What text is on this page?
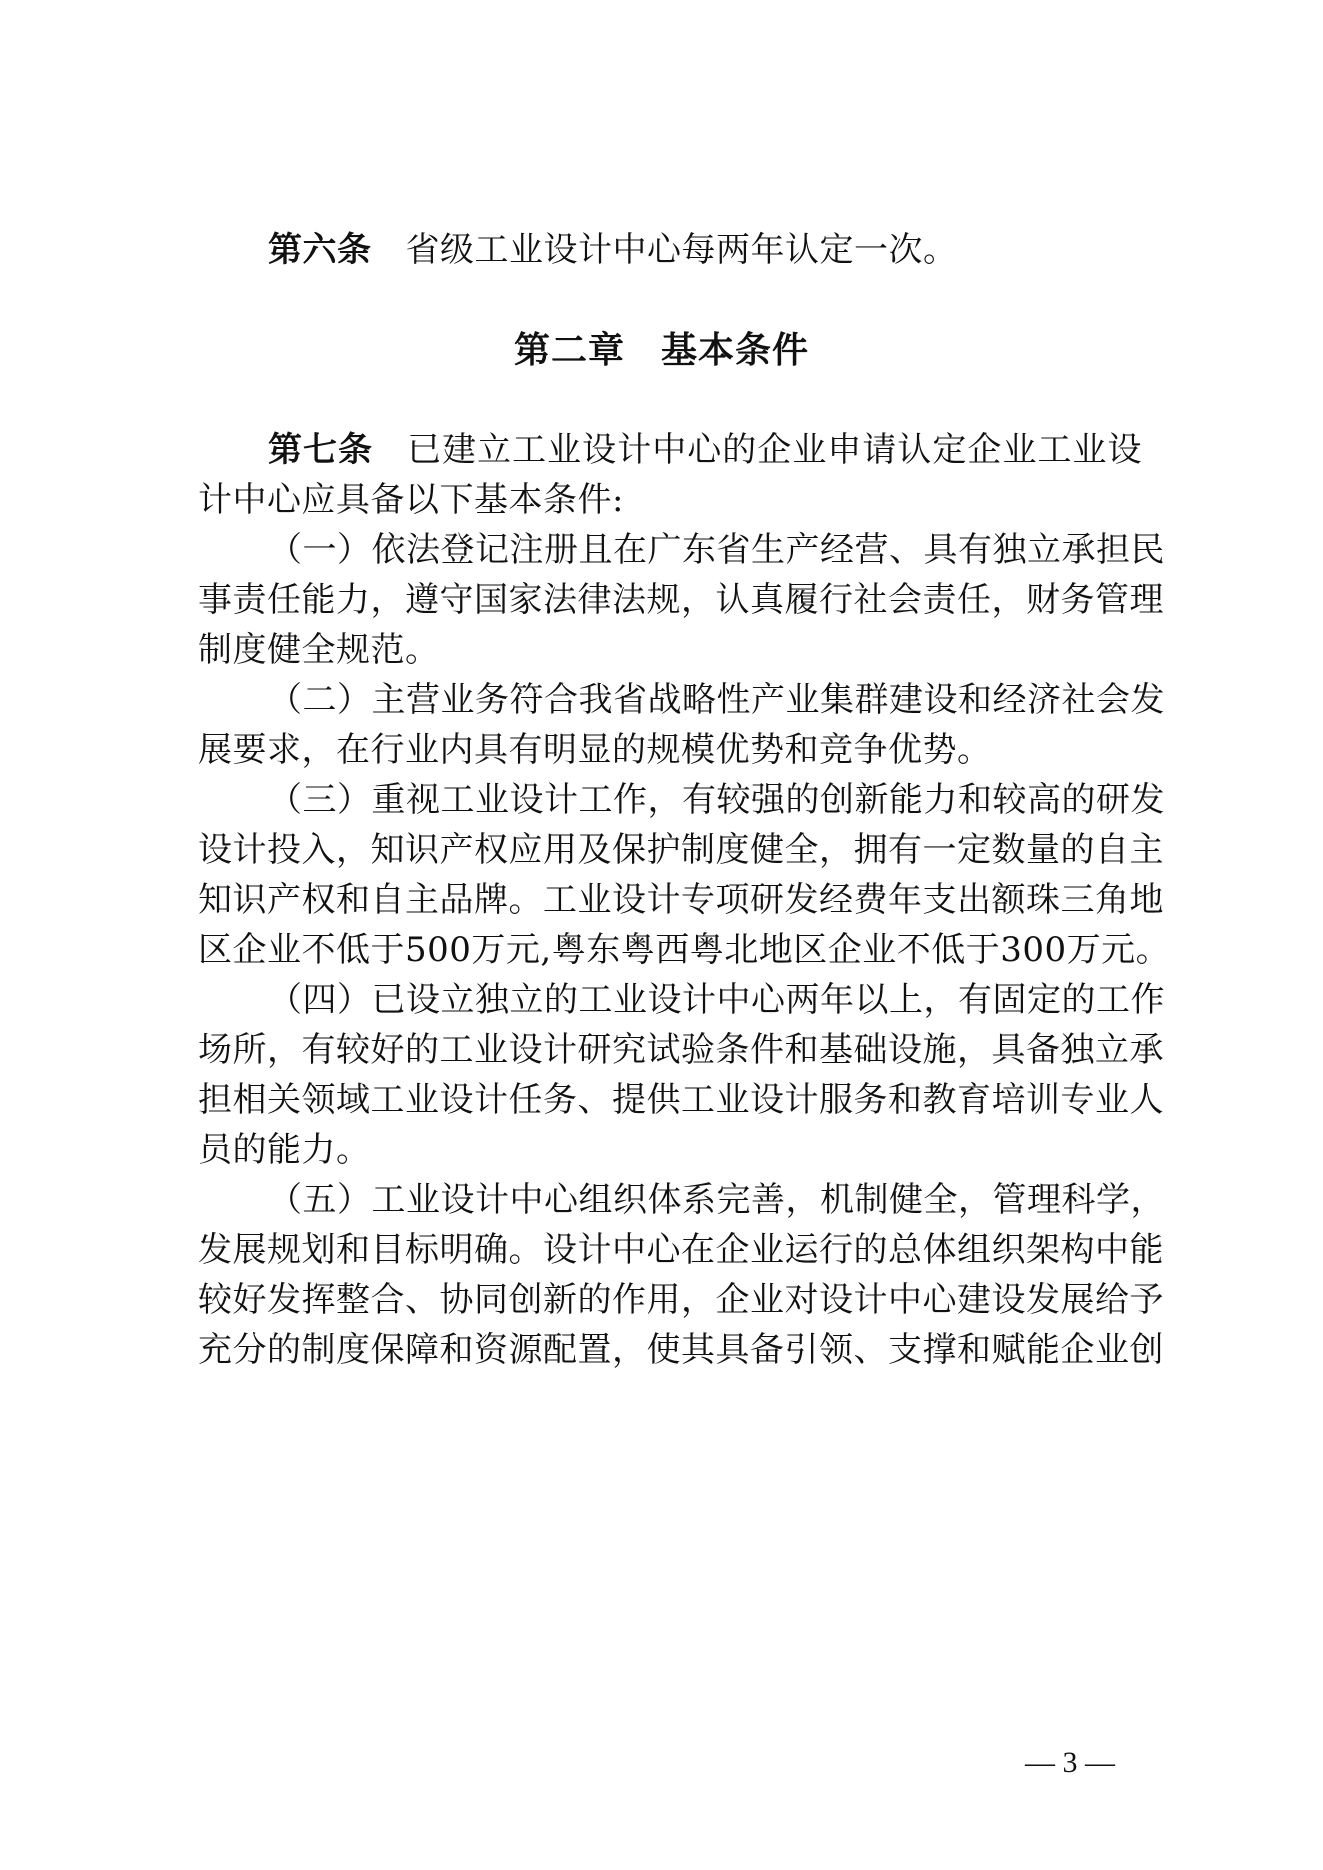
第六条 省级工业设计中心每两年认定一次。
第二章 基本条件
第七条 已建立工业设计中心的企业申请认定企业工业设
计中心应具备以下基本条件:
（一）依法登记注册且在广东省生产经营、具有独立承担民
事责任能力，遵守国家法律法规，认真履行社会责任，财务管理
制度健全规范。
（二）主营业务符合我省战略性产业集群建设和经济社会发
展要求，在行业内具有明显的规模优势和竞争优势。
（三）重视工业设计工作，有较强的创新能力和较高的研发
设计投入，知识产权应用及保护制度健全，拥有一定数量的自主
知识产权和自主品牌。工业设计专项研发经费年支出额珠三角地
区企业不低于500万元,粤东粤西粤北地区企业不低于300万元。
（四）已设立独立的工业设计中心两年以上，有固定的工作
场所，有较好的工业设计研究试验条件和基础设施，具备独立承
担相关领域工业设计任务、提供工业设计服务和教育培训专业人
员的能力。
（五）工业设计中心组织体系完善，机制健全，管理科学，
发展规划和目标明确。设计中心在企业运行的总体组织架构中能
较好发挥整合、协同创新的作用，企业对设计中心建设发展给予
充分的制度保障和资源配置，使其具备引领、支撑和赋能企业创
— 3 —
